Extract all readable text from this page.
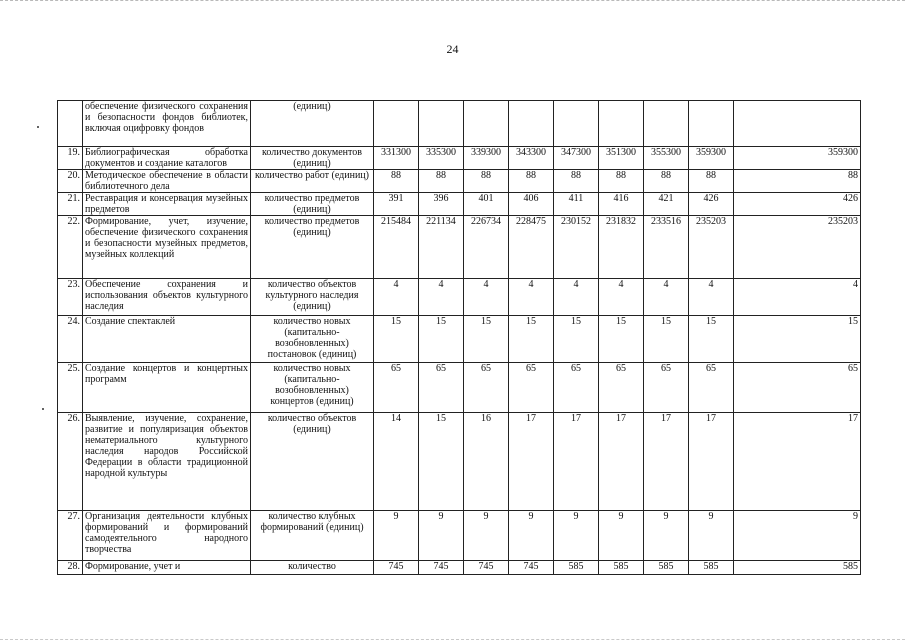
24
	обеспечение физического сохранения и безопасности фондов библиотек, включая оцифровку фондов	(единиц)									
19.	Библиографическая обработка документов и создание каталогов	количество документов (единиц)	331300	335300	339300	343300	347300	351300	355300	359300	359300
20.	Методическое обеспечение в области библиотечного дела	количество работ (единиц)	88	88	88	88	88	88	88	88	88
21.	Реставрация и консервация музейных предметов	количество предметов (единиц)	391	396	401	406	411	416	421	426	426
22.	Формирование, учет, изучение, обеспечение физического сохранения и безопасности музейных предметов, музейных коллекций	количество предметов (единиц)	215484	221134	226734	228475	230152	231832	233516	235203	235203
23.	Обеспечение сохранения и использования объектов культурного наследия	количество объектов культурного наследия (единиц)	4	4	4	4	4	4	4	4	4
24.	Создание спектаклей	количество новых (капитально-возобновленных) постановок (единиц)	15	15	15	15	15	15	15	15	15
25.	Создание концертов и концертных программ	количество новых (капитально-возобновленных) концертов (единиц)	65	65	65	65	65	65	65	65	65
26.	Выявление, изучение, сохранение, развитие и популяризация объектов нематериального культурного наследия народов Российской Федерации в области традиционной народной культуры	количество объектов (единиц)	14	15	16	17	17	17	17	17	17
27.	Организация деятельности клубных формирований и формирований самодеятельного народного творчества	количество клубных формирований (единиц)	9	9	9	9	9	9	9	9	9
28.	Формирование, учет и	количество	745	745	745	745	585	585	585	585	585
